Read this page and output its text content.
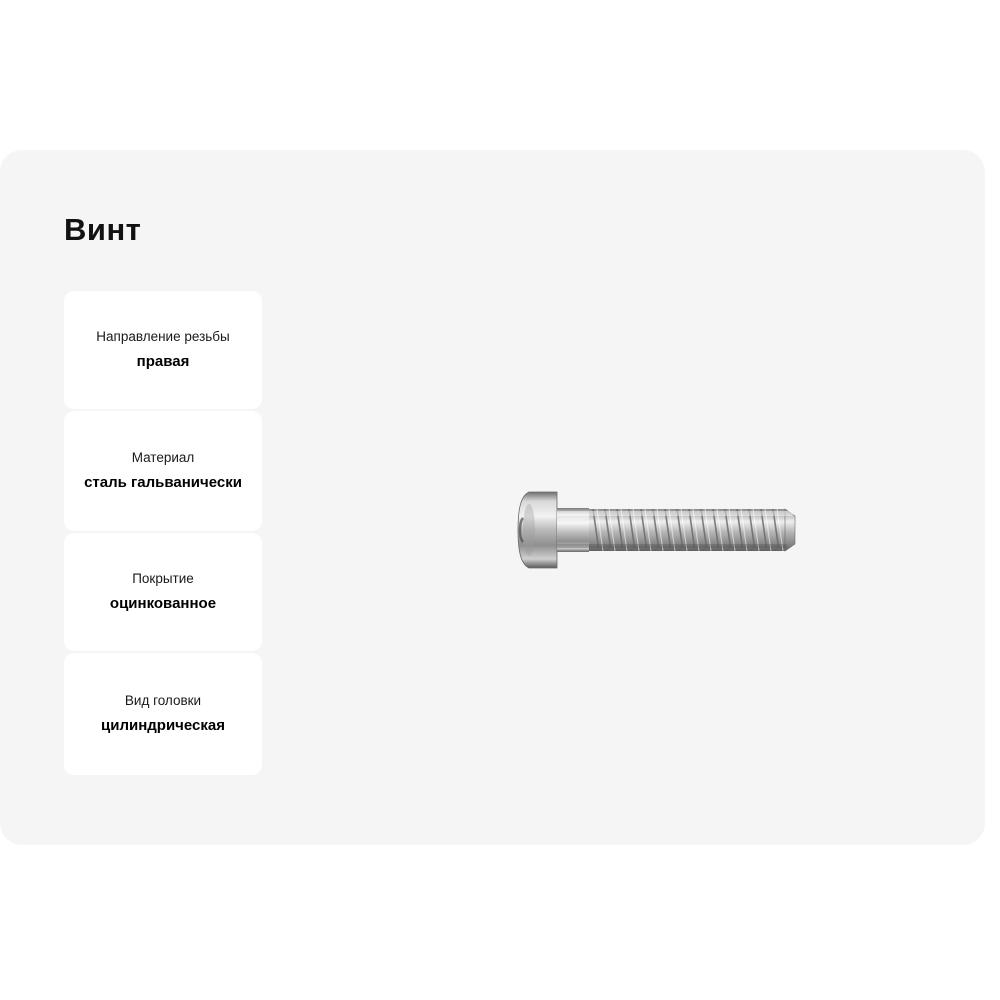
Винт
Направление резьбы
правая
Материал
сталь гальванически
Покрытие
оцинкованное
Вид головки
цилиндрическая
